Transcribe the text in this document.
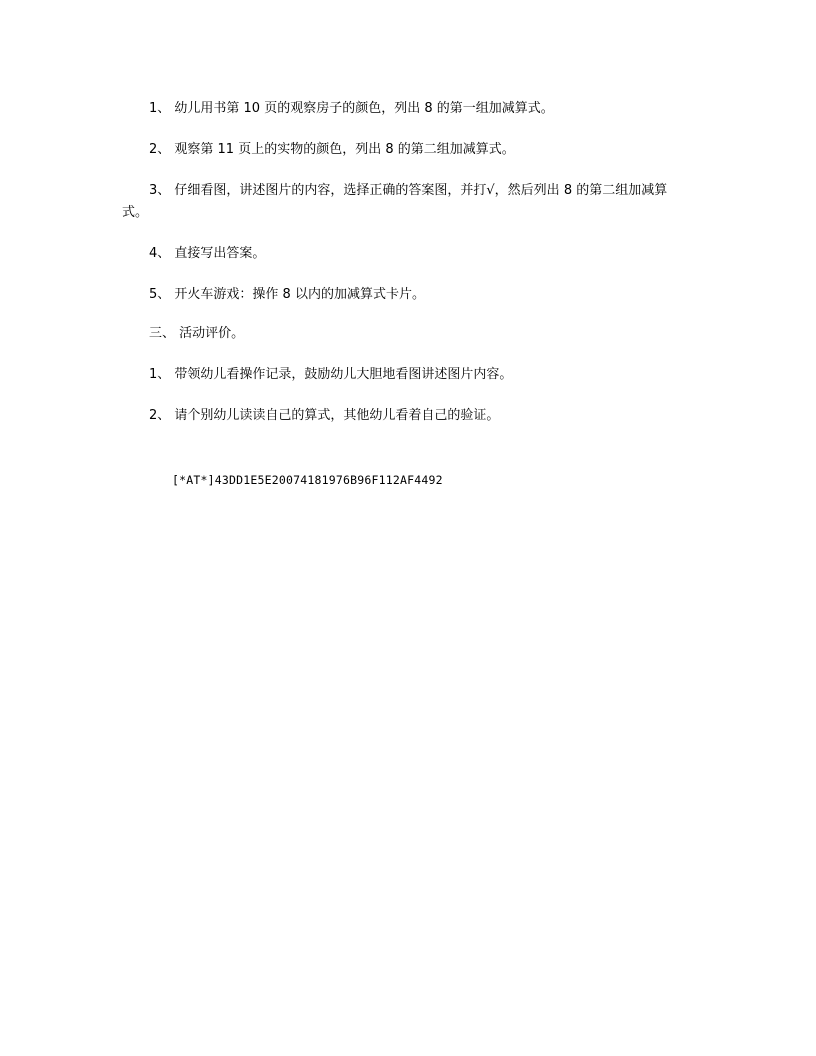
1、 幼儿用书第 10 页的观察房子的颜色，列出 8 的第一组加减算式。

2、 观察第 11 页上的实物的颜色，列出 8 的第二组加减算式。

3、 仔细看图，讲述图片的内容，选择正确的答案图，并打√，然后列出 8 的第二组加减算式。

4、 直接写出答案。

5、 开火车游戏：操作 8 以内的加减算式卡片。

三、 活动评价。

1、 带领幼儿看操作记录，鼓励幼儿大胆地看图讲述图片内容。

2、 请个别幼儿读读自己的算式，其他幼儿看着自己的验证。

[*AT*]43DD1E5E20074181976B96F112AF4492
